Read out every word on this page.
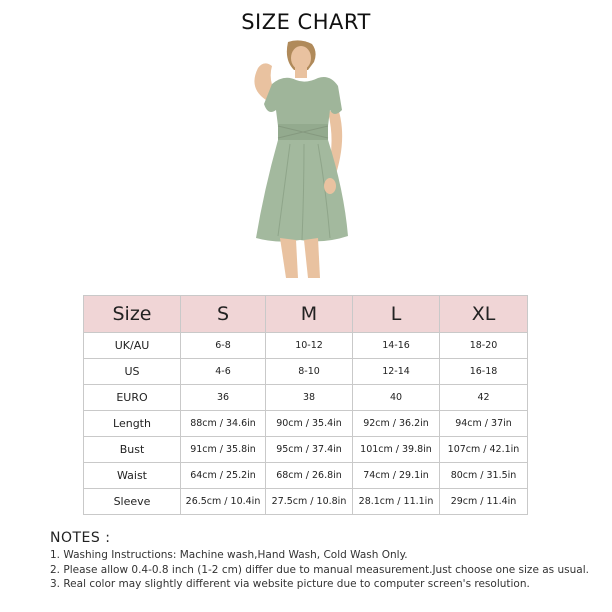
SIZE CHART
Size	S	M	L	XL
UK/AU	6-8	10-12	14-16	18-20
US	4-6	8-10	12-14	16-18
EURO	36	38	40	42
Length	88cm / 34.6in	90cm / 35.4in	92cm / 36.2in	94cm / 37in
Bust	91cm / 35.8in	95cm / 37.4in	101cm / 39.8in	107cm / 42.1in
Waist	64cm / 25.2in	68cm / 26.8in	74cm / 29.1in	80cm / 31.5in
Sleeve	26.5cm / 10.4in	27.5cm / 10.8in	28.1cm / 11.1in	29cm / 11.4in
NOTES :
1. Washing Instructions: Machine wash,Hand Wash, Cold Wash Only.
2. Please allow 0.4-0.8 inch (1-2 cm) differ due to manual measurement.Just choose one size as usual.
3. Real color may slightly different via website picture due to computer screen's resolution.
